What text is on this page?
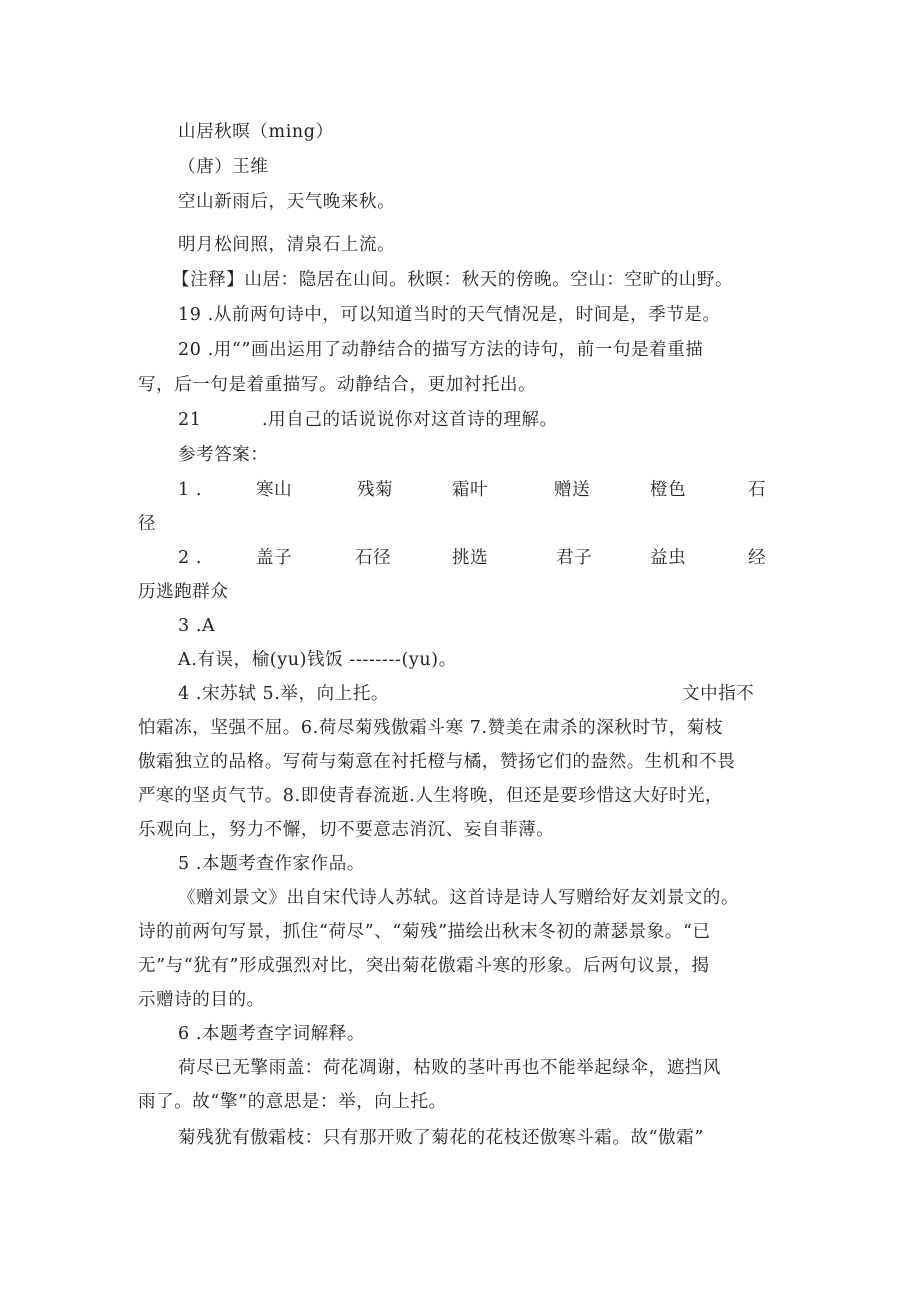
山居秋暝（ming）
（唐）王维
空山新雨后，天气晚来秋。
明月松间照，清泉石上流。
【注释】山居：隐居在山间。秋暝：秋天的傍晚。空山：空旷的山野。
19 .从前两句诗中，可以知道当时的天气情况是，时间是，季节是。
20 .用“”画出运用了动静结合的描写方法的诗句，前一句是着重描
写，后一句是着重描写。动静结合，更加衬托出。
21	.用自己的话说说你对这首诗的理解。
参考答案：
1 .	寒山	残菊	霜叶	赠送	橙色	石
径
2 .	盖子	石径	挑选	君子	益虫	经
历逃跑群众
3 .A
A.有误，榆(yu)钱饭 --------(yu)。
4 .宋苏轼 5.举，向上托。	文中指不
怕霜冻，坚强不屈。6.荷尽菊残傲霜斗寒 7.赞美在肃杀的深秋时节，菊枝
傲霜独立的品格。写荷与菊意在衬托橙与橘，赞扬它们的盎然。生机和不畏
严寒的坚贞气节。8.即使青春流逝.人生将晚，但还是要珍惜这大好时光，
乐观向上，努力不懈，切不要意志消沉、妄自菲薄。
5 .本题考查作家作品。
《赠刘景文》出自宋代诗人苏轼。这首诗是诗人写赠给好友刘景文的。
诗的前两句写景，抓住“荷尽”、“菊残”描绘出秋末冬初的萧瑟景象。“已
无”与“犹有”形成强烈对比，突出菊花傲霜斗寒的形象。后两句议景，揭
示赠诗的目的。
6 .本题考查字词解释。
荷尽已无擎雨盖：荷花凋谢，枯败的茎叶再也不能举起绿伞，遮挡风
雨了。故“擎”的意思是：举，向上托。
菊残犹有傲霜枝：只有那开败了菊花的花枝还傲寒斗霜。故“傲霜”
